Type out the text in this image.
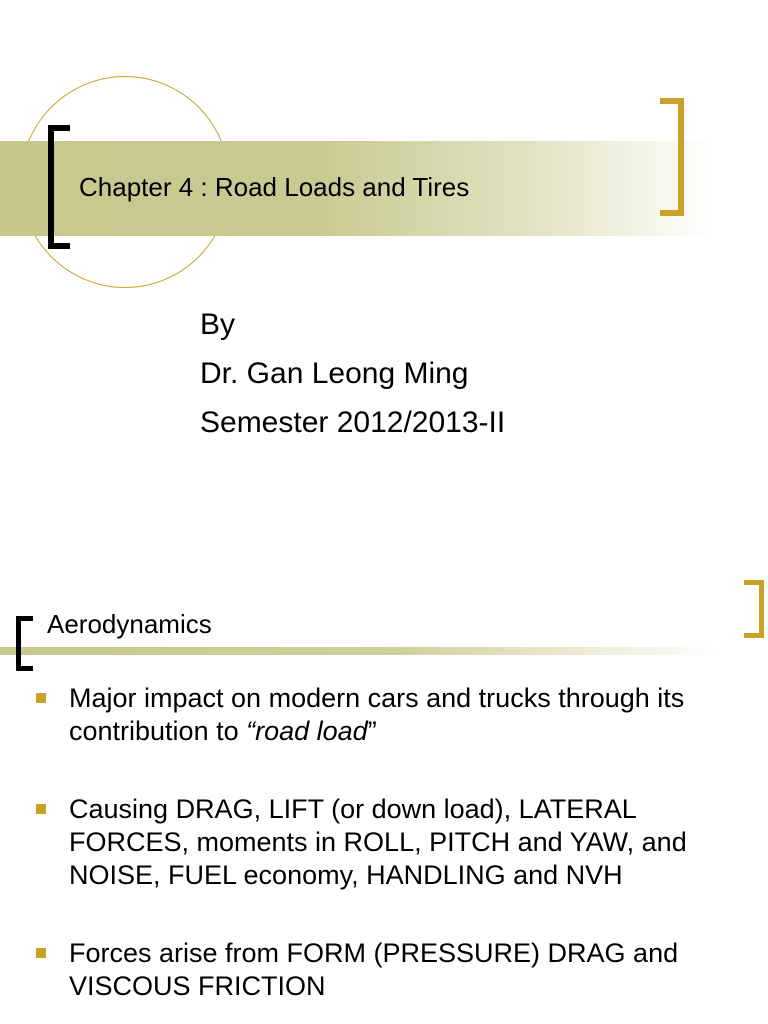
Chapter 4 : Road Loads and Tires
By
Dr. Gan Leong Ming
Semester 2012/2013-II
Aerodynamics
Major impact on modern cars and trucks through its contribution to “road load”
Causing DRAG, LIFT (or down load), LATERAL FORCES, moments in ROLL, PITCH and YAW, and NOISE, FUEL economy, HANDLING and NVH
Forces arise from FORM (PRESSURE) DRAG and VISCOUS FRICTION
